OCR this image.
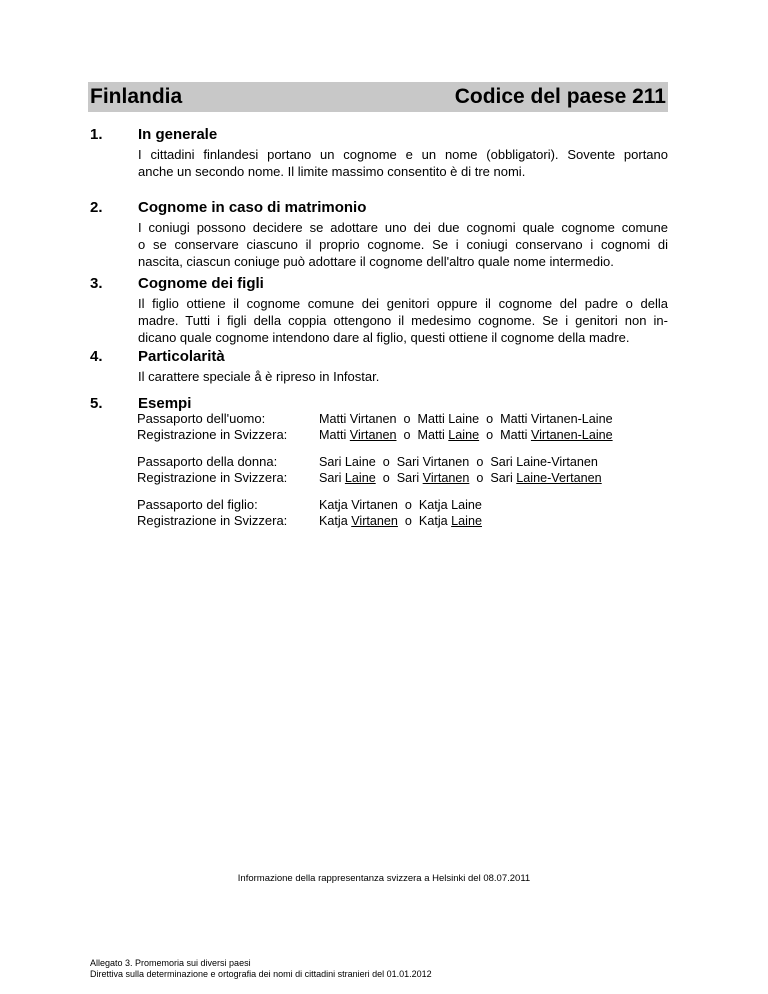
Finlandia	Codice del paese 211
1. In generale
I cittadini finlandesi portano un cognome e un nome (obbligatori). Sovente portano
anche un secondo nome. Il limite massimo consentito è di tre nomi.
2. Cognome in caso di matrimonio
I coniugi possono decidere se adottare uno dei due cognomi quale cognome comune
o se conservare ciascuno il proprio cognome. Se i coniugi conservano i cognomi di
nascita, ciascun coniuge può adottare il cognome dell'altro quale nome intermedio.
3. Cognome dei figli
Il figlio ottiene il cognome comune dei genitori oppure il cognome del padre o della
madre. Tutti i figli della coppia ottengono il medesimo cognome. Se i genitori non in-
dicano quale cognome intendono dare al figlio, questi ottiene il cognome della madre.
4. Particolarità
Il carattere speciale å è ripreso in Infostar.
5. Esempi
Passaporto dell'uomo:	Matti Virtanen o Matti Laine o Matti Virtanen-Laine
Registrazione in Svizzera:	Matti Virtanen o Matti Laine o Matti Virtanen-Laine
Passaporto della donna:	Sari Laine o Sari Virtanen o Sari Laine-Virtanen
Registrazione in Svizzera:	Sari Laine o Sari Virtanen o Sari Laine-Vertanen
Passaporto del figlio:	Katja Virtanen o Katja Laine
Registrazione in Svizzera:	Katja Virtanen o Katja Laine
Informazione della rappresentanza svizzera a Helsinki del 08.07.2011
Allegato 3. Promemoria sui diversi paesi
Direttiva sulla determinazione e ortografia dei nomi di cittadini stranieri del 01.01.2012
